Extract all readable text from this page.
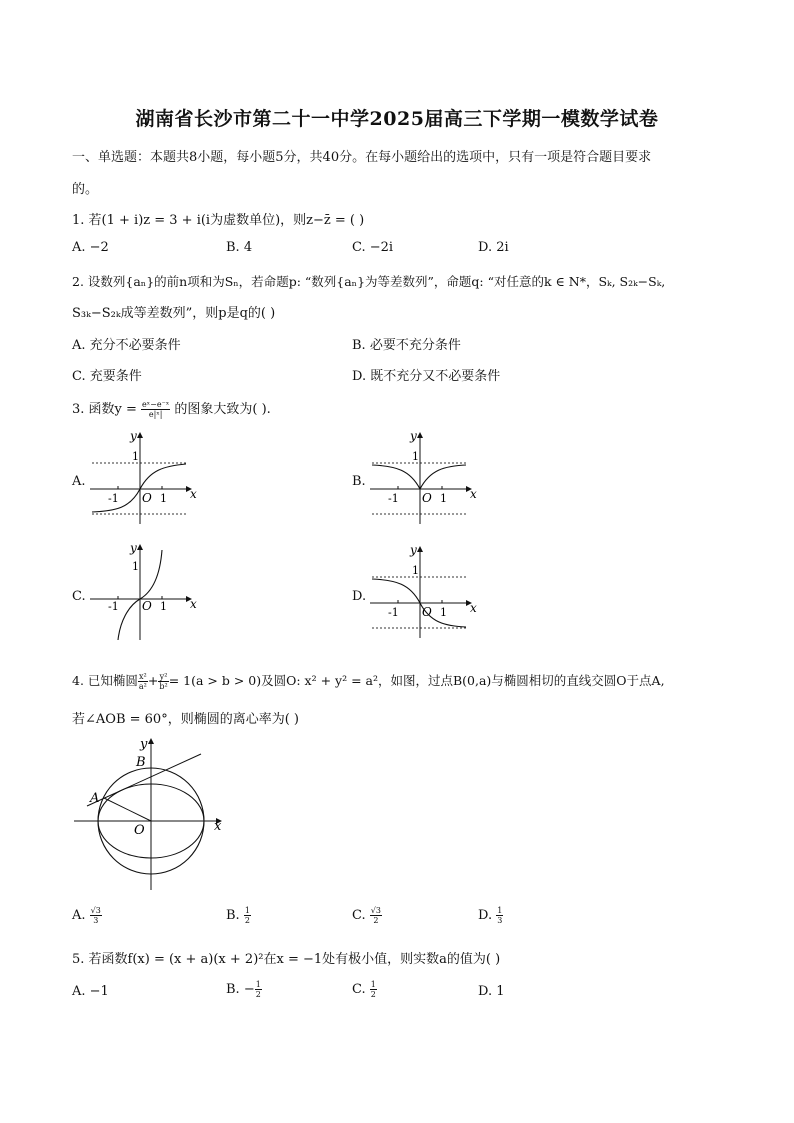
湖南省长沙市第二十一中学2025届高三下学期一模数学试卷
一、单选题：本题共8小题，每小题5分，共40分。在每小题给出的选项中，只有一项是符合题目要求
的。
1. 若(1 + i)z = 3 + i(i为虚数单位)，则z−z̄ = ( )
A. −2	B. 4	C. −2i	D. 2i
2. 设数列{aₙ}的前n项和为Sₙ，若命题p: “数列{aₙ}为等差数列”，命题q: “对任意的k ∈ N*，Sₖ, S₂ₖ−Sₖ,
S₃ₖ−S₂ₖ成等差数列”，则p是q的( )
A. 充分不必要条件	B. 必要不充分条件
C. 充要条件	D. 既不充分又不必要条件
3. 函数$y = \frac{\text{eˣ−e⁻ˣ}}{\text{e|ˣ|}}$ 的图象大致为( ).
A.	B.
C.	D.
y
1
x
-1 O 1
y
1
x
-1 O 1
y
1
x
-1 O 1
y
1
x
-1 O 1
4. 已知椭圆 $\frac{\text{x²}}{\text{a²}} + \frac{\text{y²}}{\text{b²}} = 1(a > b > 0)$及圆O: x² + y² = a²，如图，过点B(0,a)与椭圆相切的直线交圆O于点A,
若∠AOB = 60°，则椭圆的离心率为( )
B
A
O	x
y
A. $\frac{√3}{3}$	B. $\frac{1}{2}$	C. $\frac{√3}{2}$	D. $\frac{1}{3}$
5. 若函数f(x) = (x + a)(x + 2)²在x = −1处有极小值，则实数a的值为( )
A. −1	B. − $\frac{1}{2}$	C. $\frac{1}{2}$	D. 1
